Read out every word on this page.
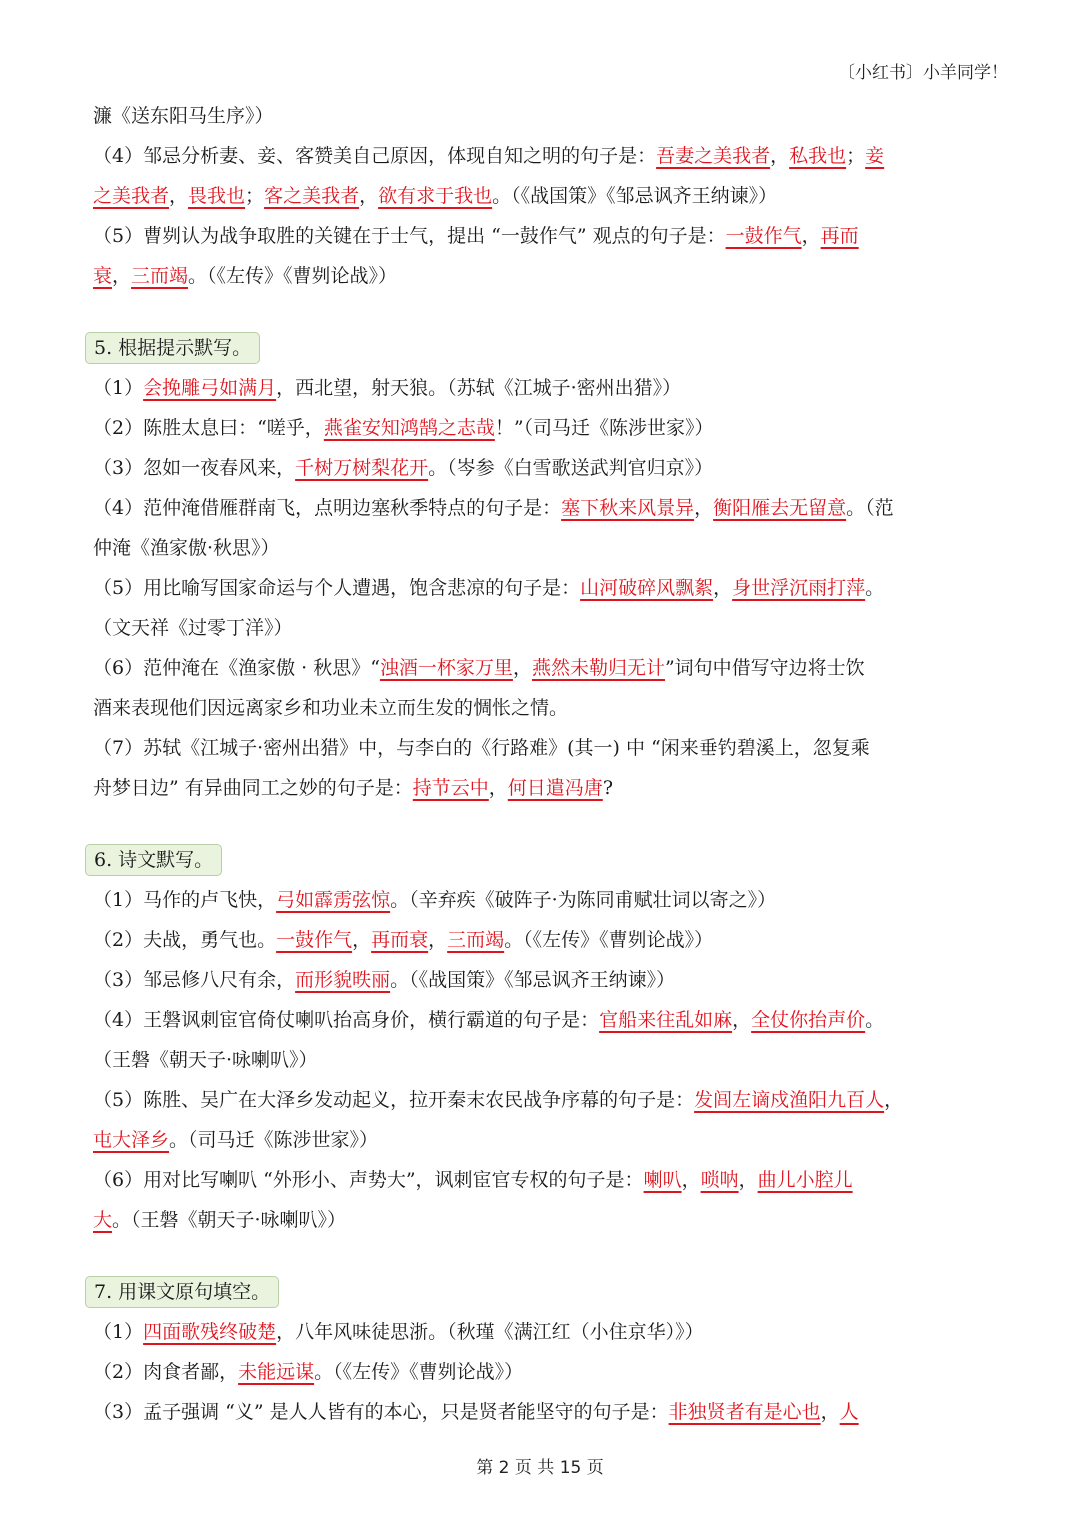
〔小红书〕小羊同学！
濂《送东阳马生序》）
（4）邹忌分析妻、妾、客赞美自己原因，体现自知之明的句子是：吾妻之美我者，私我也；妾
之美我者，畏我也；客之美我者，欲有求于我也。（《战国策》《邹忌讽齐王纳谏》）
（5）曹刿认为战争取胜的关键在于士气，提出 “一鼓作气” 观点的句子是：一鼓作气，再而
衰，三而竭。（《左传》《曹刿论战》）
5. 根据提示默写。
（1）会挽雕弓如满月，西北望，射天狼。（苏轼《江城子·密州出猎》）
（2）陈胜太息曰：“嗟乎，燕雀安知鸿鹄之志哉！”（司马迁《陈涉世家》）
（3）忽如一夜春风来，千树万树梨花开。（岑参《白雪歌送武判官归京》）
（4）范仲淹借雁群南飞，点明边塞秋季特点的句子是：塞下秋来风景异，衡阳雁去无留意。（范
仲淹《渔家傲·秋思》）
（5）用比喻写国家命运与个人遭遇，饱含悲凉的句子是：山河破碎风飘絮，身世浮沉雨打萍。
（文天祥《过零丁洋》）
（6）范仲淹在《渔家傲 · 秋思》“浊酒一杯家万里，燕然未勒归无计”词句中借写守边将士饮
酒来表现他们因远离家乡和功业未立而生发的惆怅之情。
（7）苏轼《江城子·密州出猎》中，与李白的《行路难》(其一) 中 “闲来垂钓碧溪上，忽复乘
舟梦日边” 有异曲同工之妙的句子是：持节云中，何日遣冯唐?
6. 诗文默写。
（1）马作的卢飞快，弓如霹雳弦惊。（辛弃疾《破阵子·为陈同甫赋壮词以寄之》）
（2）夫战，勇气也。一鼓作气，再而衰，三而竭。（《左传》《曹刿论战》）
（3）邹忌修八尺有余，而形貌昳丽。（《战国策》《邹忌讽齐王纳谏》）
（4）王磐讽刺宦官倚仗喇叭抬高身价，横行霸道的句子是：官船来往乱如麻，全仗你抬声价。
（王磐《朝天子·咏喇叭》）
（5）陈胜、吴广在大泽乡发动起义，拉开秦末农民战争序幕的句子是：发闾左谪戍渔阳九百人，
屯大泽乡。（司马迁《陈涉世家》）
（6）用对比写喇叭 “外形小、声势大”，讽刺宦官专权的句子是：喇叭，唢呐，曲儿小腔儿
大。（王磐《朝天子·咏喇叭》）
7. 用课文原句填空。
（1）四面歌残终破楚，八年风味徒思浙。（秋瑾《满江红（小住京华）》）
（2）肉食者鄙，未能远谋。（《左传》《曹刿论战》）
（3）孟子强调 “义” 是人人皆有的本心，只是贤者能坚守的句子是：非独贤者有是心也，人
第 2 页 共 15 页
